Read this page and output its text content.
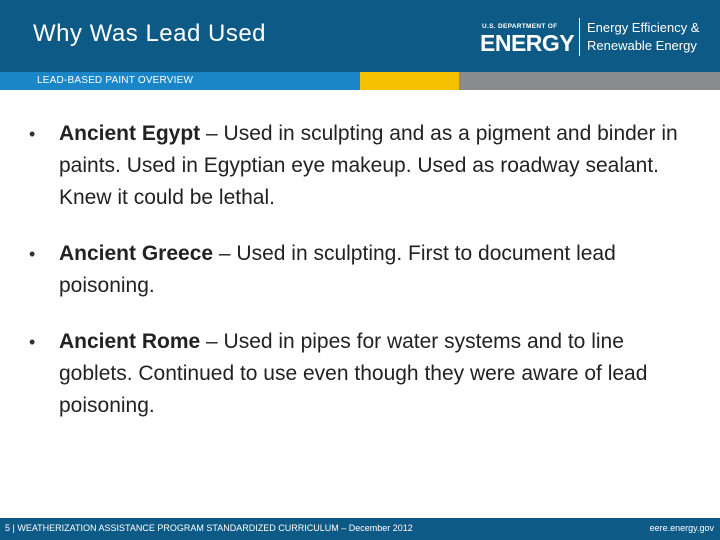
Why Was Lead Used	U.S. DEPARTMENT OF
ENERGY
Energy Efficiency &
Renewable Energy
LEAD-BASED PAINT OVERVIEW
• Ancient Egypt – Used in sculpting and as a pigment and binder in paints. Used in Egyptian eye makeup. Used as roadway sealant. Knew it could be lethal.
• Ancient Greece – Used in sculpting. First to document lead poisoning.
• Ancient Rome – Used in pipes for water systems and to line goblets. Continued to use even though they were aware of lead poisoning.
5 | WEATHERIZATION ASSISTANCE PROGRAM STANDARDIZED CURRICULUM – December 2012	eere.energy.gov
